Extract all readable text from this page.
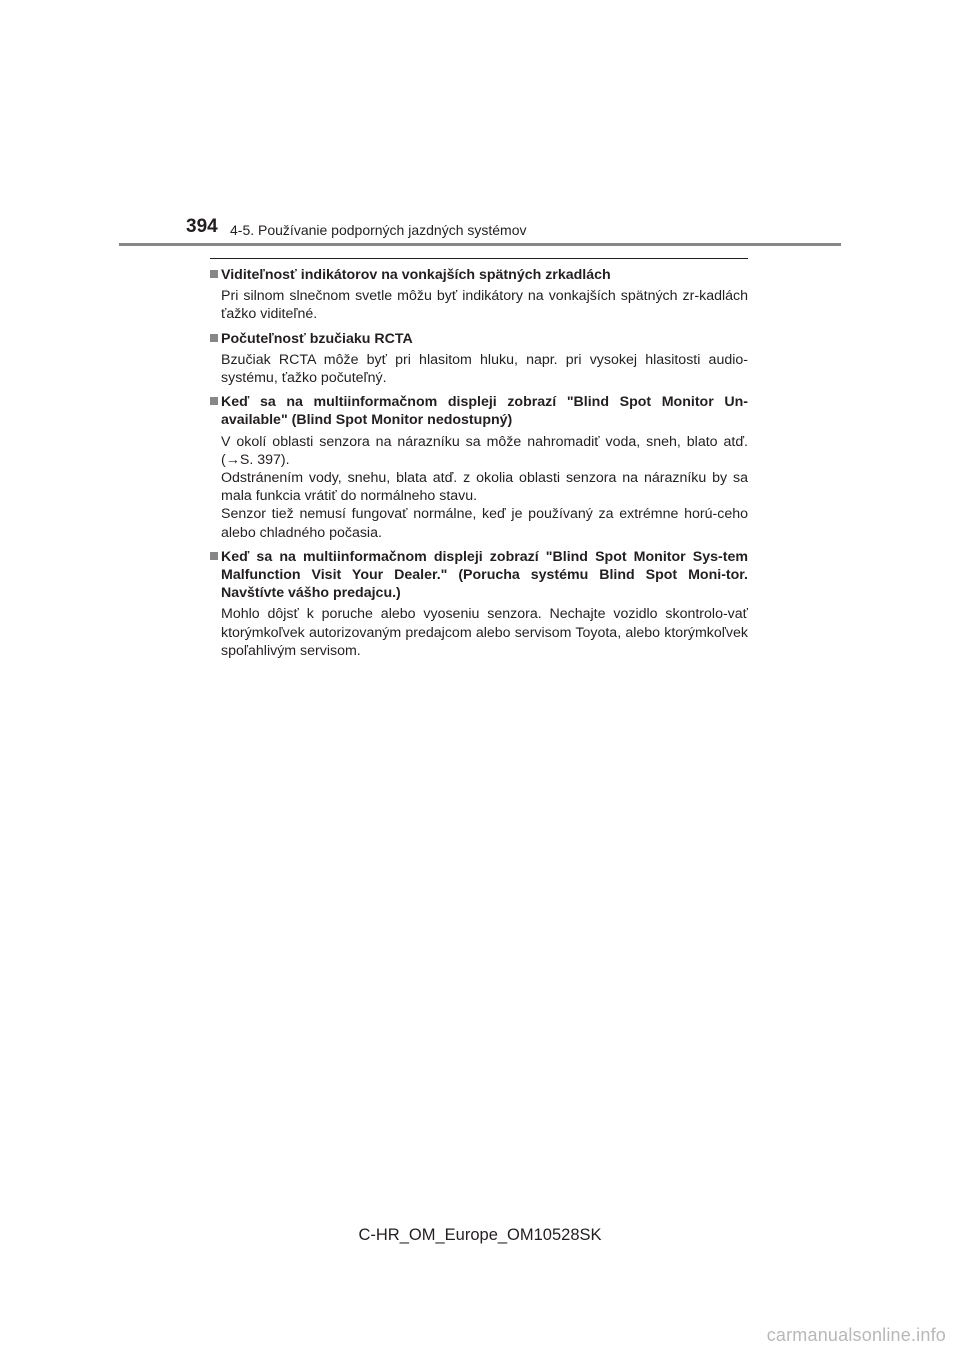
394 4-5. Používanie podporných jazdných systémov
Viditeľnosť indikátorov na vonkajších spätných zrkadlách

Pri silnom slnečnom svetle môžu byť indikátory na vonkajších spätných zr-kadlách ťažko viditeľné.

Počuteľnosť bzučiaku RCTA

Bzučiak RCTA môže byť pri hlasitom hluku, napr. pri vysokej hlasitosti audio-systému, ťažko počuteľný.

Keď sa na multiinformačnom displeji zobrazí "Blind Spot Monitor Un-available" (Blind Spot Monitor nedostupný)

V okolí oblasti senzora na nárazníku sa môže nahromadiť voda, sneh, blato atď. (→S. 397).

Odstránením vody, snehu, blata atď. z okolia oblasti senzora na nárazníku by sa mala funkcia vrátiť do normálneho stavu.

Senzor tiež nemusí fungovať normálne, keď je používaný za extrémne horú-ceho alebo chladného počasia.

Keď sa na multiinformačnom displeji zobrazí "Blind Spot Monitor Sys-tem Malfunction Visit Your Dealer." (Porucha systému Blind Spot Moni-tor. Navštívte vášho predajcu.)

Mohlo dôjsť k poruche alebo vyoseniu senzora. Nechajte vozidlo skontrolo-vať ktorýmkoľvek autorizovaným predajcom alebo servisom Toyota, alebo ktorýmkoľvek spoľahlivým servisom.

C-HR_OM_Europe_OM10528SK
carmanualsonline.info
